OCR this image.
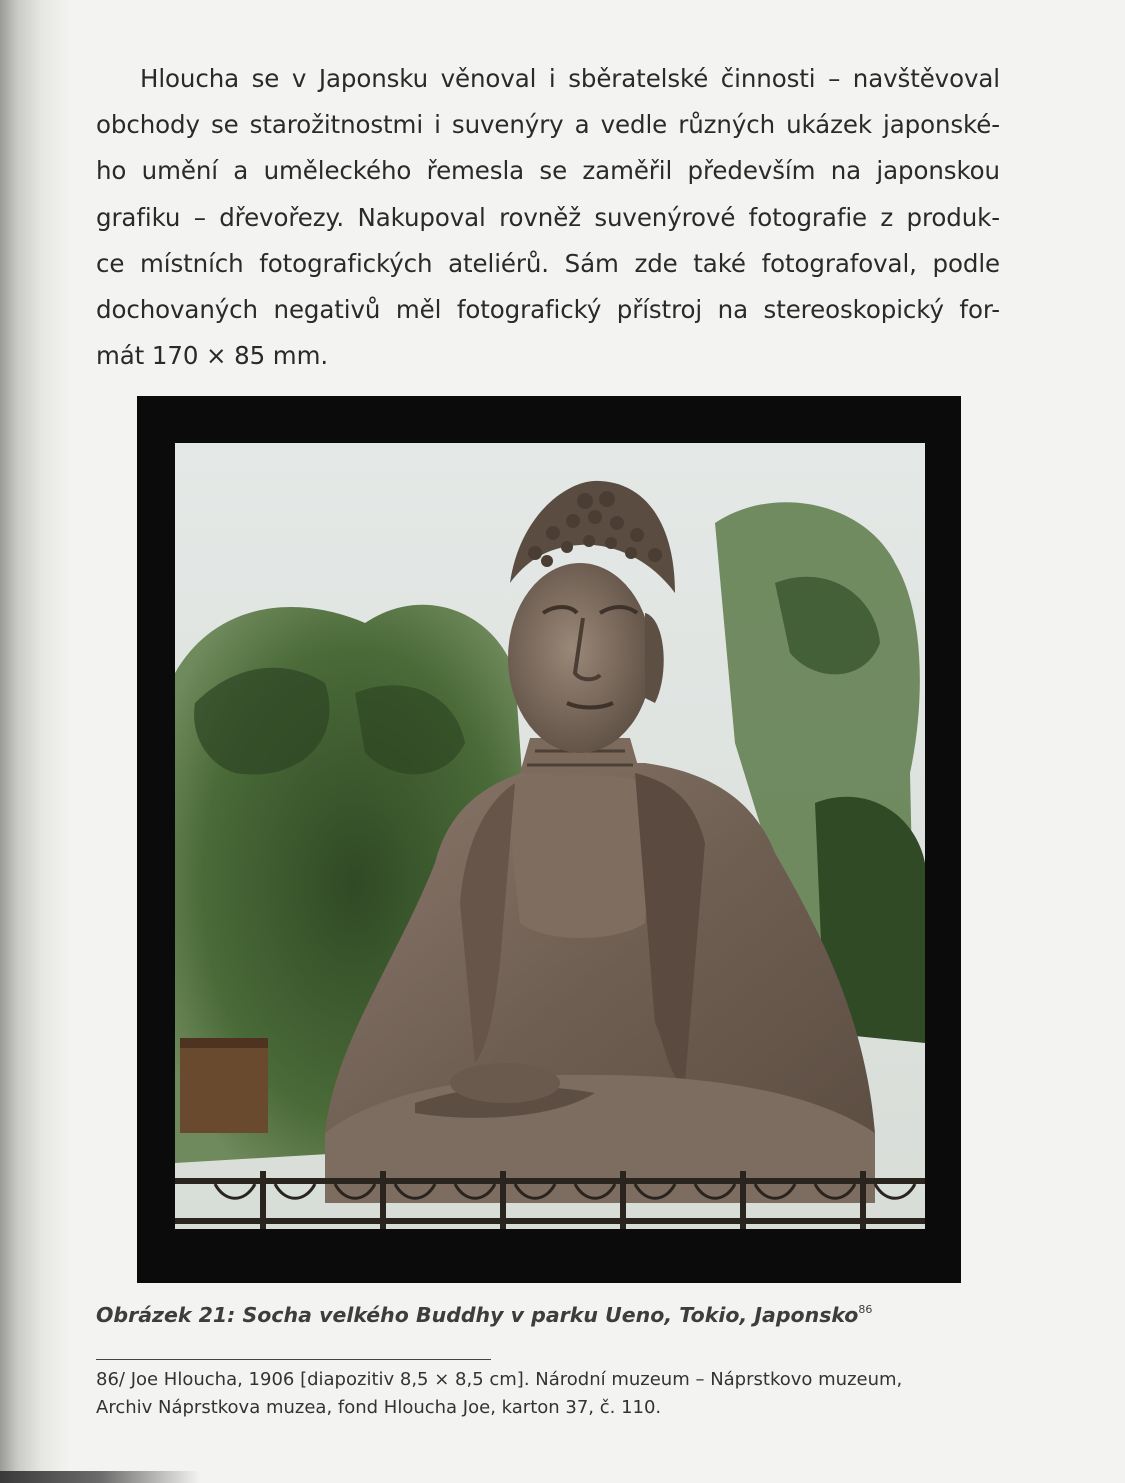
Hloucha se v Japonsku věnoval i sběratelské činnosti – navštěvoval
obchody se starožitnostmi i suvenýry a vedle různých ukázek japonské-
ho umění a uměleckého řemesla se zaměřil především na japonskou
grafiku – dřevořezy. Nakupoval rovněž suvenýrové fotografie z produk-
ce místních fotografických ateliérů. Sám zde také fotografoval, podle
dochovaných negativů měl fotografický přístroj na stereoskopický for-
mát 170 × 85 mm.
Obrázek 21: Socha velkého Buddhy v parku Ueno, Tokio, Japonsko$^{86}$
86/ Joe Hloucha, 1906 [diapozitiv 8,5 × 8,5 cm]. Národní muzeum – Náprstkovo muzeum,
Archiv Náprstkova muzea, fond Hloucha Joe, karton 37, č. 110.
